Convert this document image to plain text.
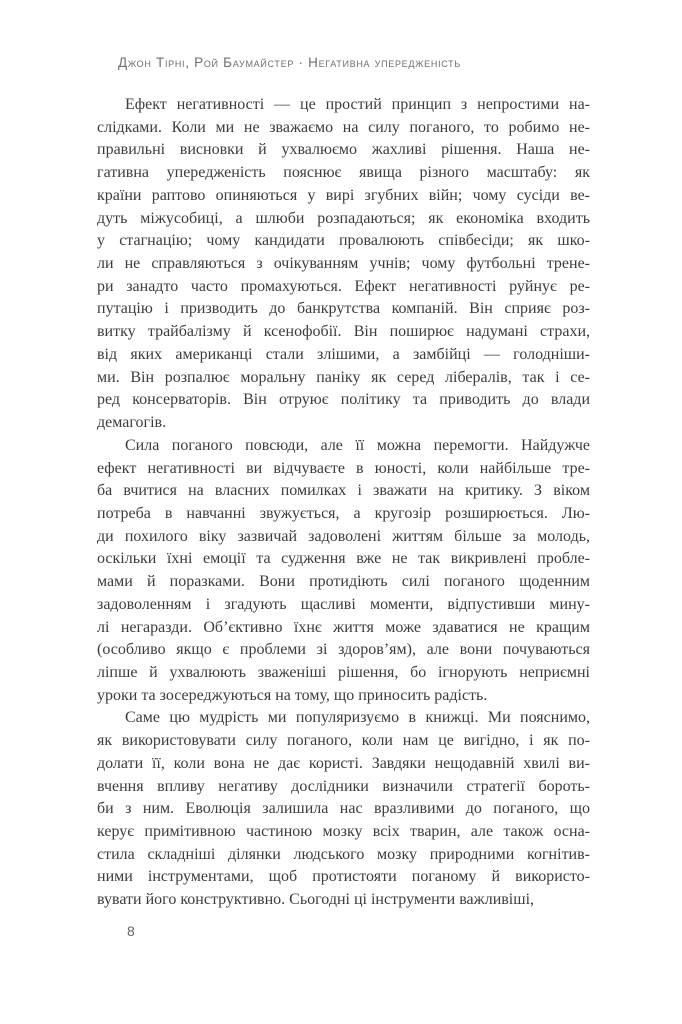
Джон Тірні, Рой Баумайстер · Негативна упередженість
Ефект негативності — це простий принцип з непростими на-
слідками. Коли ми не зважаємо на силу поганого, то робимо не-
правильні висновки й ухвалюємо жахливі рішення. Наша не-
гативна упередженість пояснює явища різного масштабу: як
країни раптово опиняються у вирі згубних війн; чому сусіди ве-
дуть міжусобиці, а шлюби розпадаються; як економіка входить
у стагнацію; чому кандидати провалюють співбесіди; як шко-
ли не справляються з очікуванням учнів; чому футбольні трене-
ри занадто часто промахуються. Ефект негативності руйнує ре-
путацію і призводить до банкрутства компаній. Він сприяє роз-
витку трайбалізму й ксенофобії. Він поширює надумані страхи,
від яких американці стали злішими, а замбійці — голодніши-
ми. Він розпалює моральну паніку як серед лібералів, так і се-
ред консерваторів. Він отруює політику та приводить до влади
демагогів.
Сила поганого повсюди, але її можна перемогти. Найдужче
ефект негативності ви відчуваєте в юності, коли найбільше тре-
ба вчитися на власних помилках і зважати на критику. З віком
потреба в навчанні звужується, а кругозір розширюється. Лю-
ди похилого віку зазвичай задоволені життям більше за молодь,
оскільки їхні емоції та судження вже не так викривлені пробле-
мами й поразками. Вони протидіють силі поганого щоденним
задоволенням і згадують щасливі моменти, відпустивши мину-
лі негаразди. Об’єктивно їхнє життя може здаватися не кращим
(особливо якщо є проблеми зі здоров’ям), але вони почуваються
ліпше й ухвалюють зваженіші рішення, бо ігнорують неприємні
уроки та зосереджуються на тому, що приносить радість.
Саме цю мудрість ми популяризуємо в книжці. Ми пояснимо,
як використовувати силу поганого, коли нам це вигідно, і як по-
долати її, коли вона не дає користі. Завдяки нещодавній хвилі ви-
вчення впливу негативу дослідники визначили стратегії бороть-
би з ним. Еволюція залишила нас вразливими до поганого, що
керує примітивною частиною мозку всіх тварин, але також осна-
стила складніші ділянки людського мозку природними когнітив-
ними інструментами, щоб протистояти поганому й використо-
вувати його конструктивно. Сьогодні ці інструменти важливіші,
8
